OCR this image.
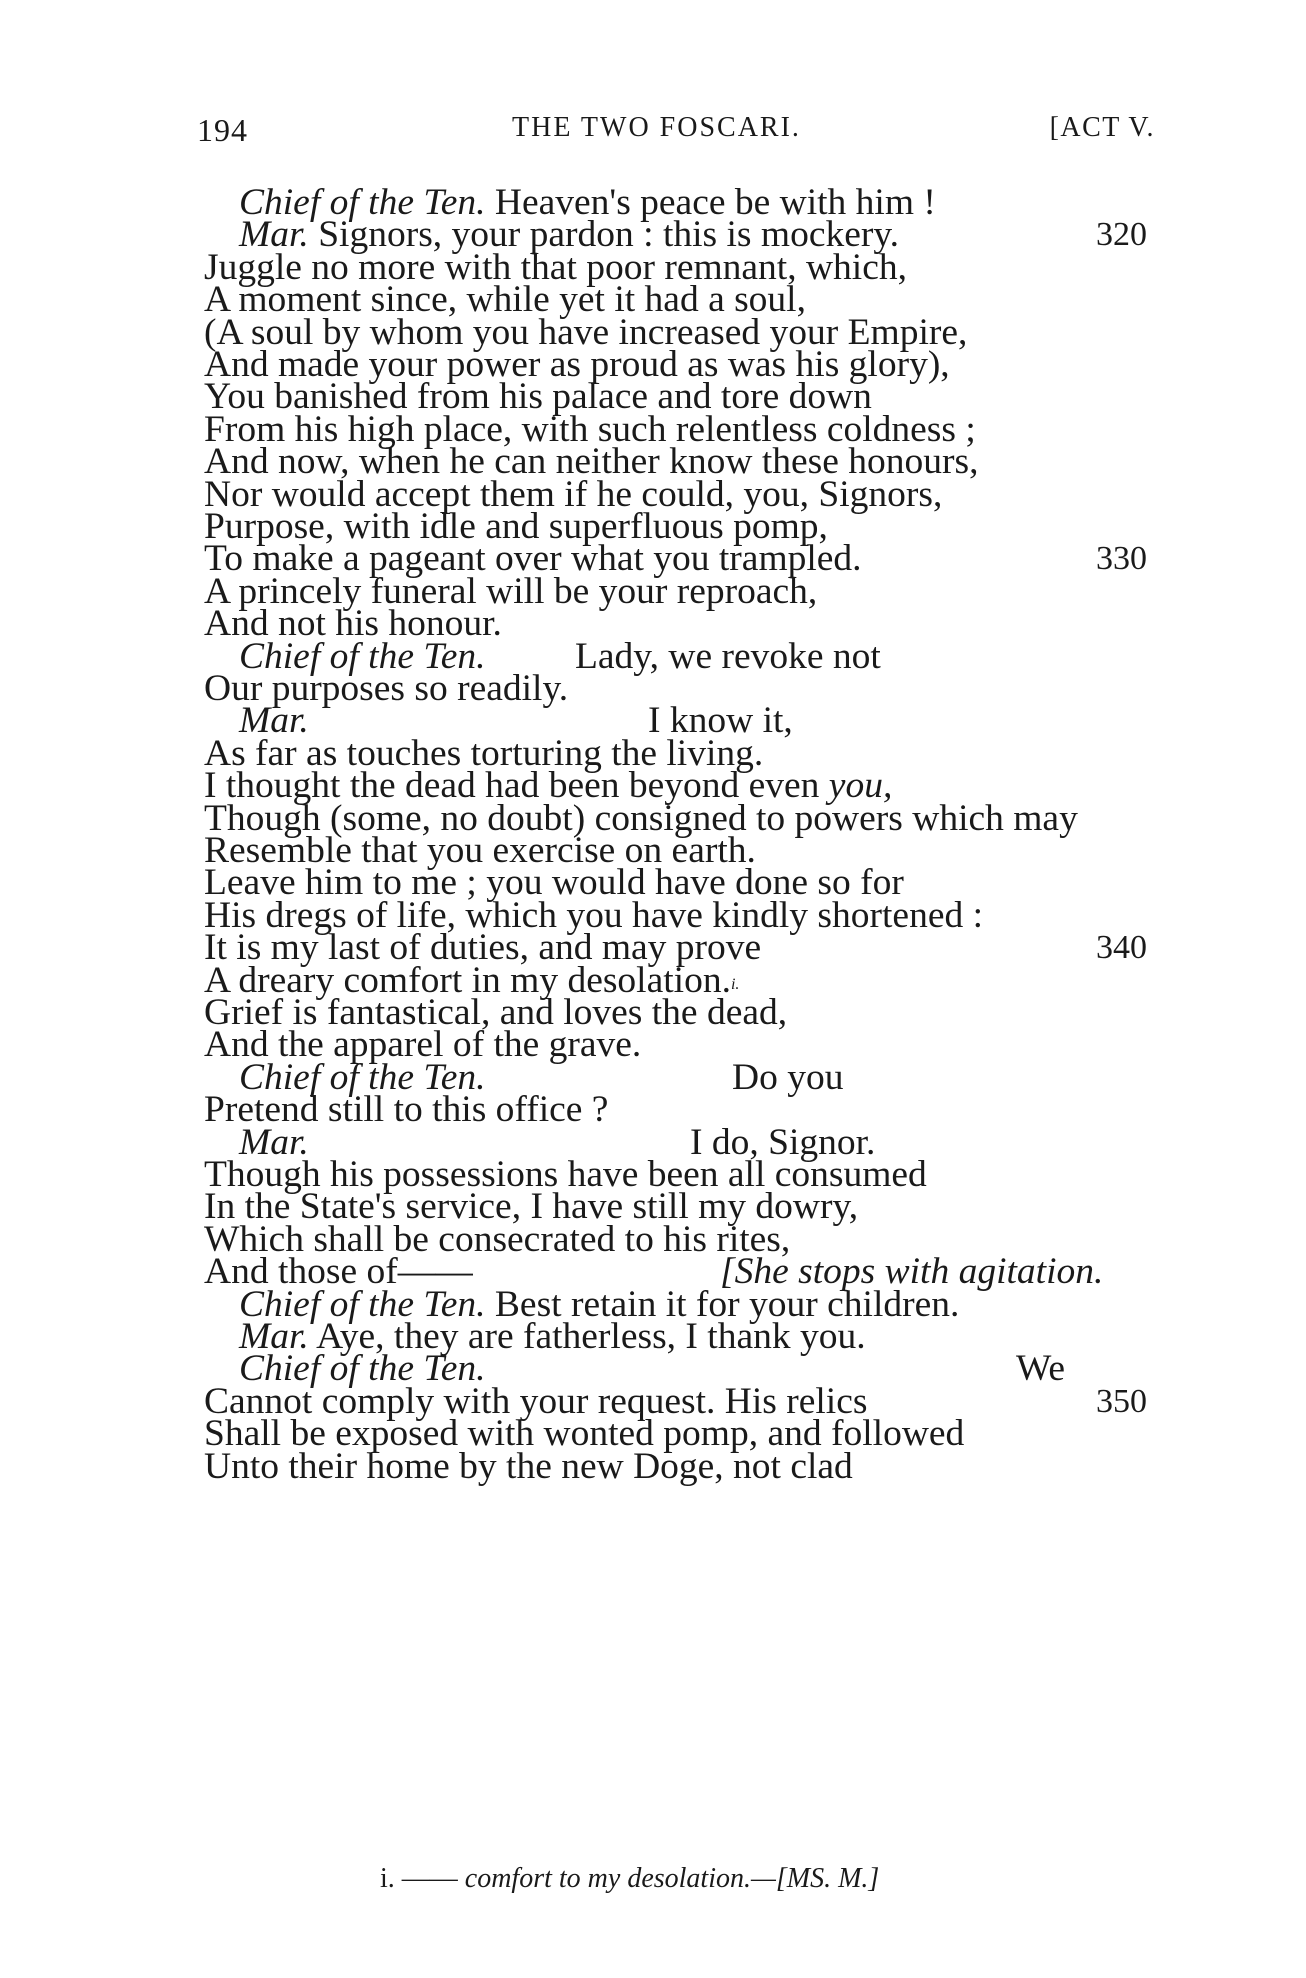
194	THE TWO FOSCARI.	[ACT V.
Chief of the Ten. Heaven's peace be with him !
Mar. Signors, your pardon : this is mockery.	320
Juggle no more with that poor remnant, which,
A moment since, while yet it had a soul,
(A soul by whom you have increased your Empire,
And made your power as proud as was his glory),
You banished from his palace and tore down
From his high place, with such relentless coldness ;
And now, when he can neither know these honours,
Nor would accept them if he could, you, Signors,
Purpose, with idle and superfluous pomp,
To make a pageant over what you trampled.	330
A princely funeral will be your reproach,
And not his honour.
Chief of the Ten. Lady, we revoke not
Our purposes so readily.
Mar.	I know it,
As far as touches torturing the living.
I thought the dead had been beyond even you,
Though (some, no doubt) consigned to powers which may
Resemble that you exercise on earth.
Leave him to me ; you would have done so for
His dregs of life, which you have kindly shortened :
It is my last of duties, and may prove	340
A dreary comfort in my desolation.$^{i.}$
Grief is fantastical, and loves the dead,
And the apparel of the grave.
Chief of the Ten.	Do you
Pretend still to this office ?
Mar.	I do, Signor.
Though his possessions have been all consumed
In the State's service, I have still my dowry,
Which shall be consecrated to his rites,
And those of——	[She stops with agitation.
Chief of the Ten. Best retain it for your children.
Mar. Aye, they are fatherless, I thank you.
Chief of the Ten.	We
Cannot comply with your request. His relics	350
Shall be exposed with wonted pomp, and followed
Unto their home by the new Doge, not clad
i. —— comfort to my desolation.—[MS. M.]
